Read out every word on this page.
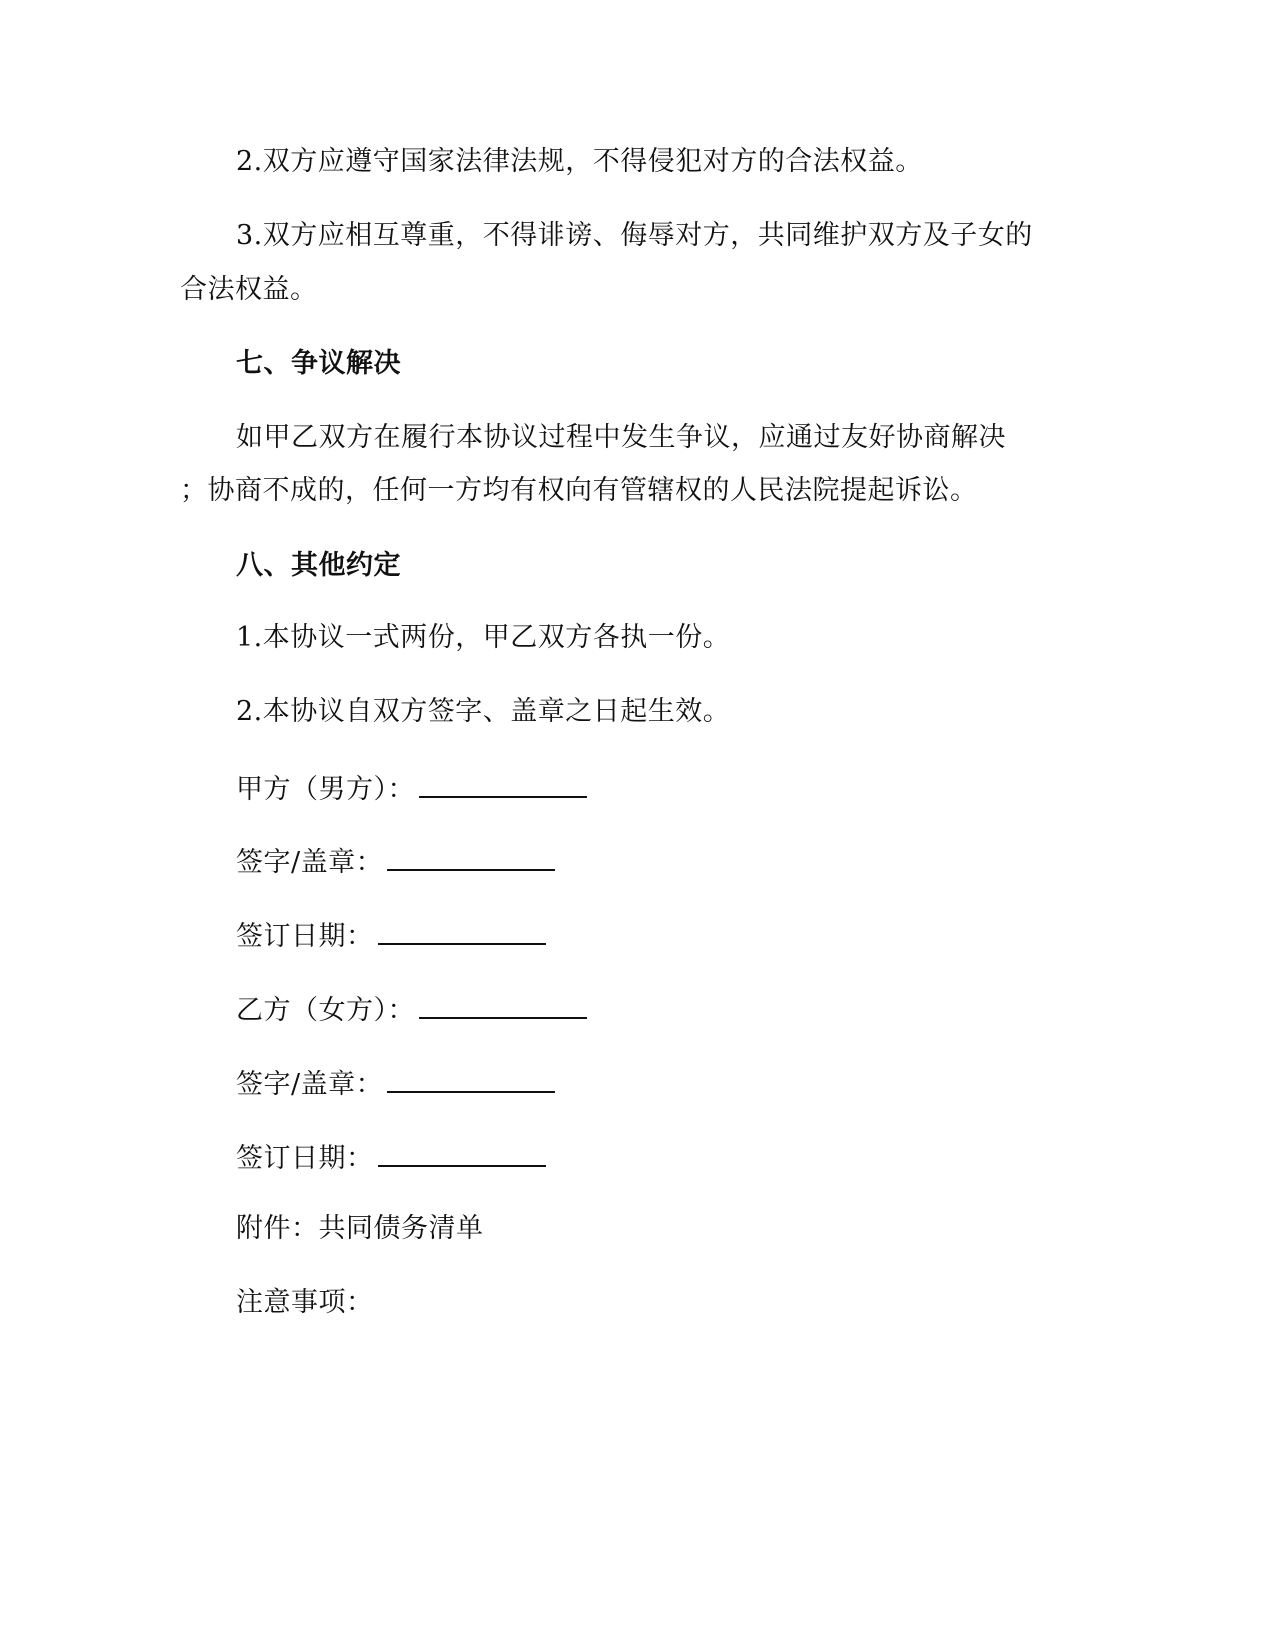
2.双方应遵守国家法律法规，不得侵犯对方的合法权益。
3.双方应相互尊重，不得诽谤、侮辱对方，共同维护双方及子女的
合法权益。
七、争议解决
如甲乙双方在履行本协议过程中发生争议，应通过友好协商解决
；协商不成的，任何一方均有权向有管辖权的人民法院提起诉讼。
八、其他约定
1.本协议一式两份，甲乙双方各执一份。
2.本协议自双方签字、盖章之日起生效。
甲方（男方）：
签字/盖章：
签订日期：
乙方（女方）：
签字/盖章：
签订日期：
附件：共同债务清单
注意事项：
